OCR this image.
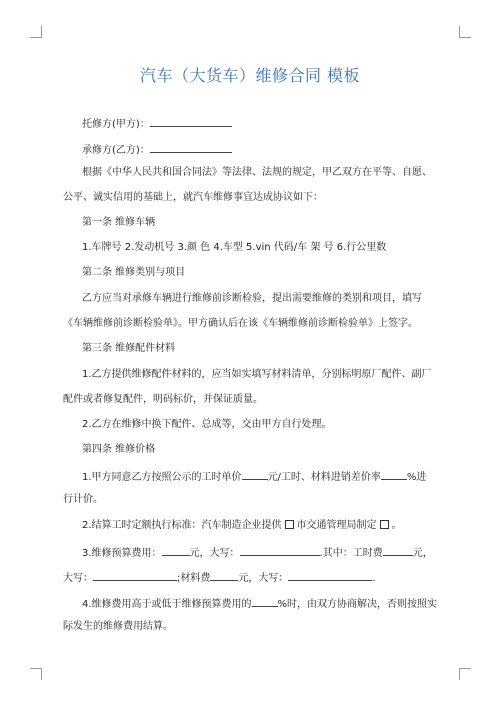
汽车（大货车）维修合同 模板
托修方(甲方)：
承修方(乙方)：
根据《中华人民共和国合同法》等法律、法规的规定，甲乙双方在平等、自愿、
公平、诚实信用的基础上，就汽车维修事宜达成协议如下：
第一条 维修车辆
1.车牌号 2.发动机号 3.颜 色 4.车型 5.vin 代码/车 架 号 6.行公里数
第二条 维修类别与项目
乙方应当对承修车辆进行维修前诊断检验，提出需要维修的类别和项目，填写
《车辆维修前诊断检验单》。甲方确认后在该《车辆维修前诊断检验单》上签字。
第三条 维修配件材料
1.乙方提供维修配件材料的，应当如实填写材料清单，分别标明原厂配件、副厂
配件或者修复配件，明码标价，并保证质量。
2.乙方在维修中换下配件、总成等，交由甲方自行处理。
第四条 维修价格
1.甲方同意乙方按照公示的工时单价	元/工时、材料进销差价率	%进
行计价。
2.结算工时定额执行标准：汽车制造企业提供 市交通管理局制定 。
3.维修预算费用：	元，大写：	.其中：工时费	元，
大写：	;材料费	元，大写：	.
4.维修费用高于或低于维修预算费用的	%时，由双方协商解决，否则按照实
际发生的维修费用结算。
